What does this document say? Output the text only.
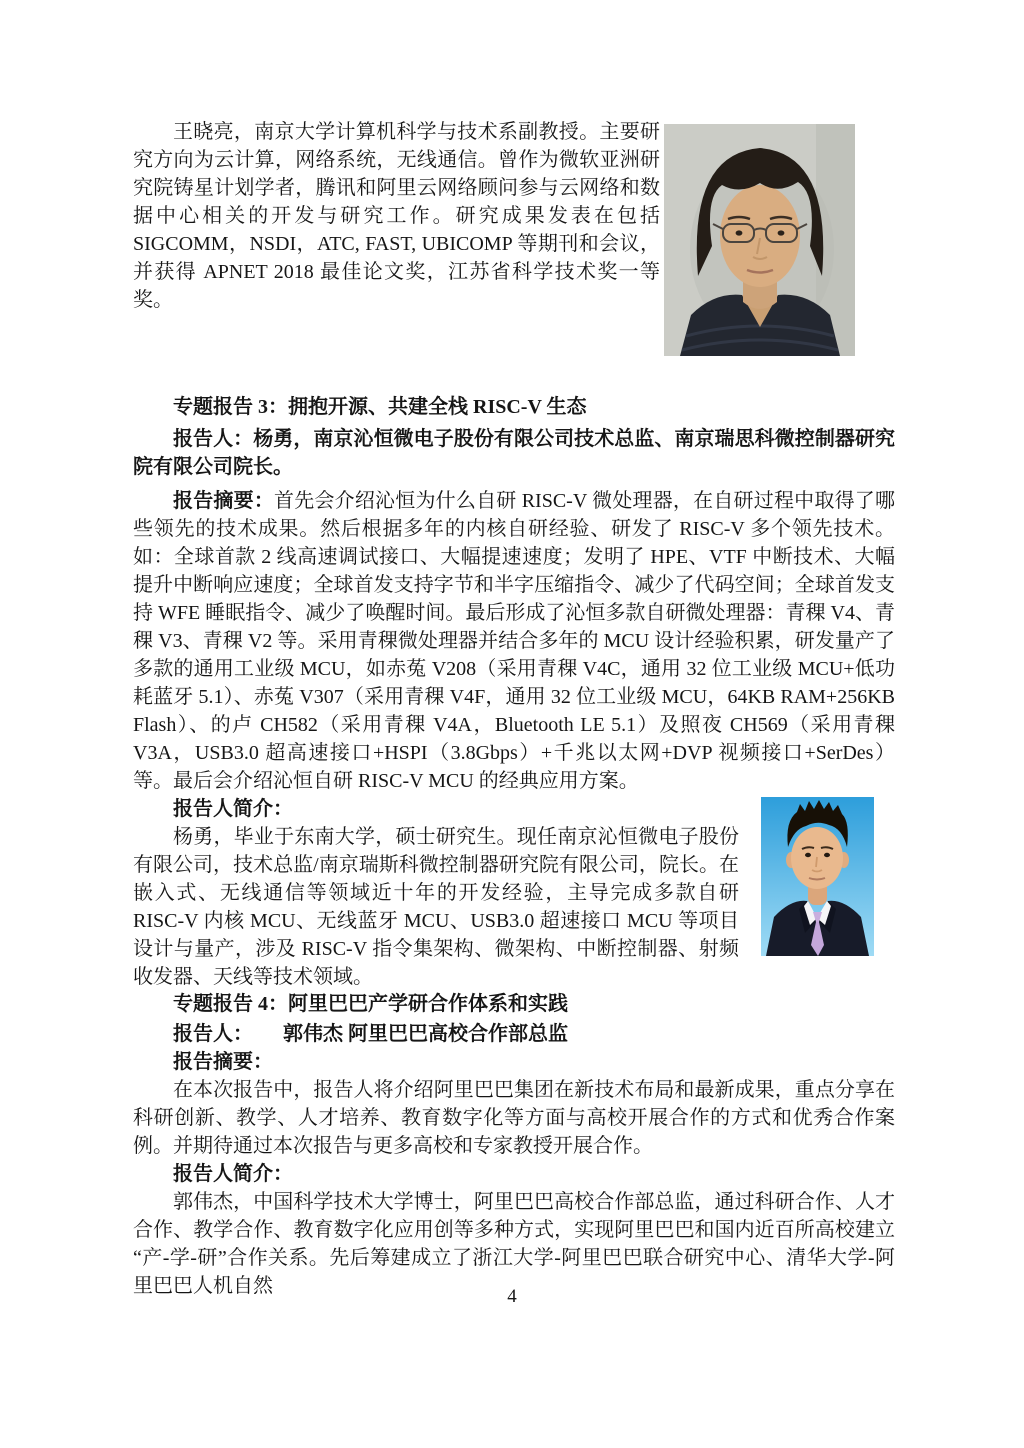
王晓亮，南京大学计算机科学与技术系副教授。主要研究方向为云计算，网络系统，无线通信。曾作为微软亚洲研究院铸星计划学者，腾讯和阿里云网络顾问参与云网络和数据中心相关的开发与研究工作。研究成果发表在包括 SIGCOMM，NSDI，ATC, FAST, UBICOMP 等期刊和会议，并获得 APNET 2018 最佳论文奖，江苏省科学技术奖一等奖。

专题报告 3：拥抱开源、共建全栈 RISC-V 生态

报告人：杨勇，南京沁恒微电子股份有限公司技术总监、南京瑞思科微控制器研究院有限公司院长。

报告摘要：首先会介绍沁恒为什么自研 RISC-V 微处理器，在自研过程中取得了哪些领先的技术成果。然后根据多年的内核自研经验、研发了 RISC-V 多个领先技术。如：全球首款 2 线高速调试接口、大幅提速速度；发明了 HPE、VTF 中断技术、大幅提升中断响应速度；全球首发支持字节和半字压缩指令、减少了代码空间；全球首发支持 WFE 睡眠指令、减少了唤醒时间。最后形成了沁恒多款自研微处理器：青稞 V4、青稞 V3、青稞 V2 等。采用青稞微处理器并结合多年的 MCU 设计经验积累，研发量产了多款的通用工业级 MCU，如赤菟 V208（采用青稞 V4C，通用 32 位工业级 MCU+低功耗蓝牙 5.1）、赤菟 V307（采用青稞 V4F，通用 32 位工业级 MCU，64KB RAM+256KB Flash）、的卢 CH582（采用青稞 V4A，Bluetooth LE 5.1）及照夜 CH569（采用青稞 V3A，USB3.0 超高速接口+HSPI（3.8Gbps）+千兆以太网+DVP 视频接口+SerDes）等。最后会介绍沁恒自研 RISC-V MCU 的经典应用方案。

报告人简介：

杨勇，毕业于东南大学，硕士研究生。现任南京沁恒微电子股份有限公司，技术总监/南京瑞斯科微控制器研究院有限公司，院长。在嵌入式、无线通信等领域近十年的开发经验，主导完成多款自研 RISC-V 内核 MCU、无线蓝牙 MCU、USB3.0 超速接口 MCU 等项目设计与量产，涉及 RISC-V 指令集架构、微架构、中断控制器、射频收发器、天线等技术领域。

专题报告 4：阿里巴巴产学研合作体系和实践

报告人：　　郭伟杰 阿里巴巴高校合作部总监

报告摘要：

在本次报告中，报告人将介绍阿里巴巴集团在新技术布局和最新成果，重点分享在科研创新、教学、人才培养、教育数字化等方面与高校开展合作的方式和优秀合作案例。并期待通过本次报告与更多高校和专家教授开展合作。

报告人简介：

郭伟杰，中国科学技术大学博士，阿里巴巴高校合作部总监，通过科研合作、人才合作、教学合作、教育数字化应用创等多种方式，实现阿里巴巴和国内近百所高校建立“产-学-研”合作关系。先后筹建成立了浙江大学-阿里巴巴联合研究中心、清华大学-阿里巴巴人机自然	4
